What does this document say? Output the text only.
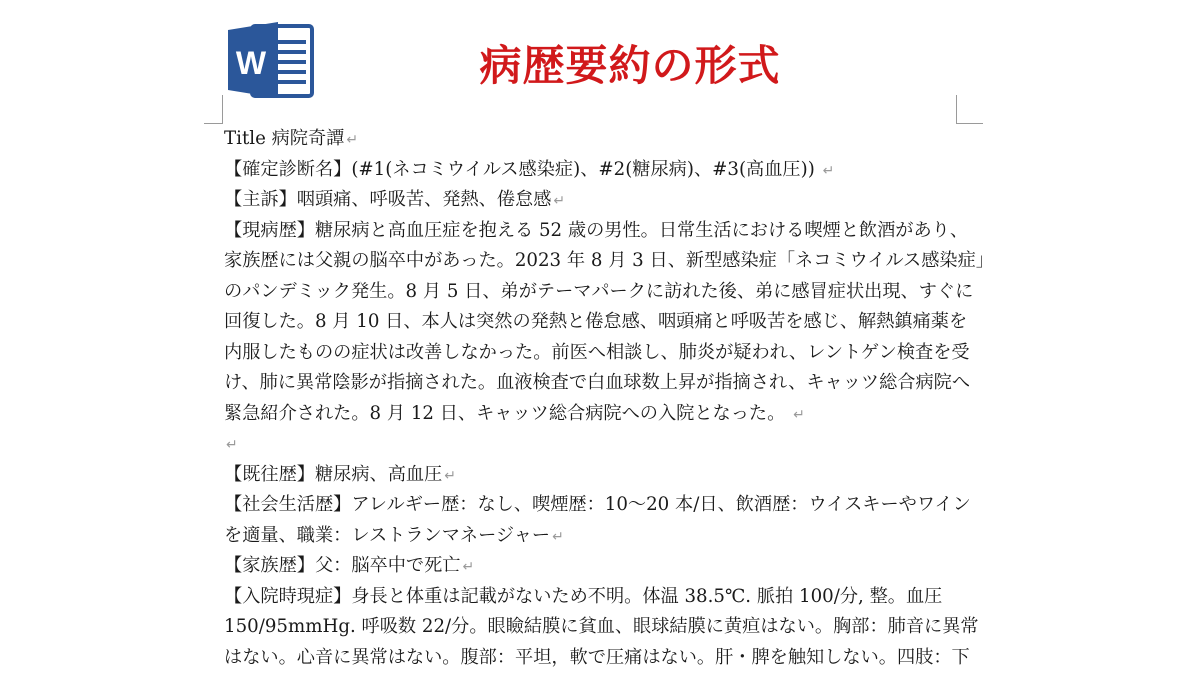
W	病歴要約の形式
Title 病院奇譚 ↵
【確定診断名】(#1(ネコミウイルス感染症)、#2(糖尿病)、#3(高血圧)) ↵
【主訴】咽頭痛、呼吸苦、発熱、倦怠感 ↵
【現病歴】糖尿病と高血圧症を抱える 52 歳の男性。日常生活における喫煙と飲酒があり、
家族歴には父親の脳卒中があった。2023 年 8 月 3 日、新型感染症「ネコミウイルス感染症」
のパンデミック発生。8 月 5 日、弟がテーマパークに訪れた後、弟に感冒症状出現、すぐに
回復した。8 月 10 日、本人は突然の発熱と倦怠感、咽頭痛と呼吸苦を感じ、解熱鎮痛薬を
内服したものの症状は改善しなかった。前医へ相談し、肺炎が疑われ、レントゲン検査を受
け、肺に異常陰影が指摘された。血液検査で白血球数上昇が指摘され、キャッツ総合病院へ
緊急紹介された。8 月 12 日、キャッツ総合病院への入院となった。 ↵
↵
【既往歴】糖尿病、高血圧 ↵
【社会生活歴】アレルギー歴：なし、喫煙歴：10～20 本/日、飲酒歴：ウイスキーやワイン
を適量、職業：レストランマネージャー ↵
【家族歴】父：脳卒中で死亡 ↵
【入院時現症】身長と体重は記載がないため不明。体温 38.5℃. 脈拍 100/分, 整。血圧
150/95mmHg. 呼吸数 22/分。眼瞼結膜に貧血、眼球結膜に黄疸はない。胸部：肺音に異常
はない。心音に異常はない。腹部：平坦，軟で圧痛はない。肝・脾を触知しない。四肢：下
